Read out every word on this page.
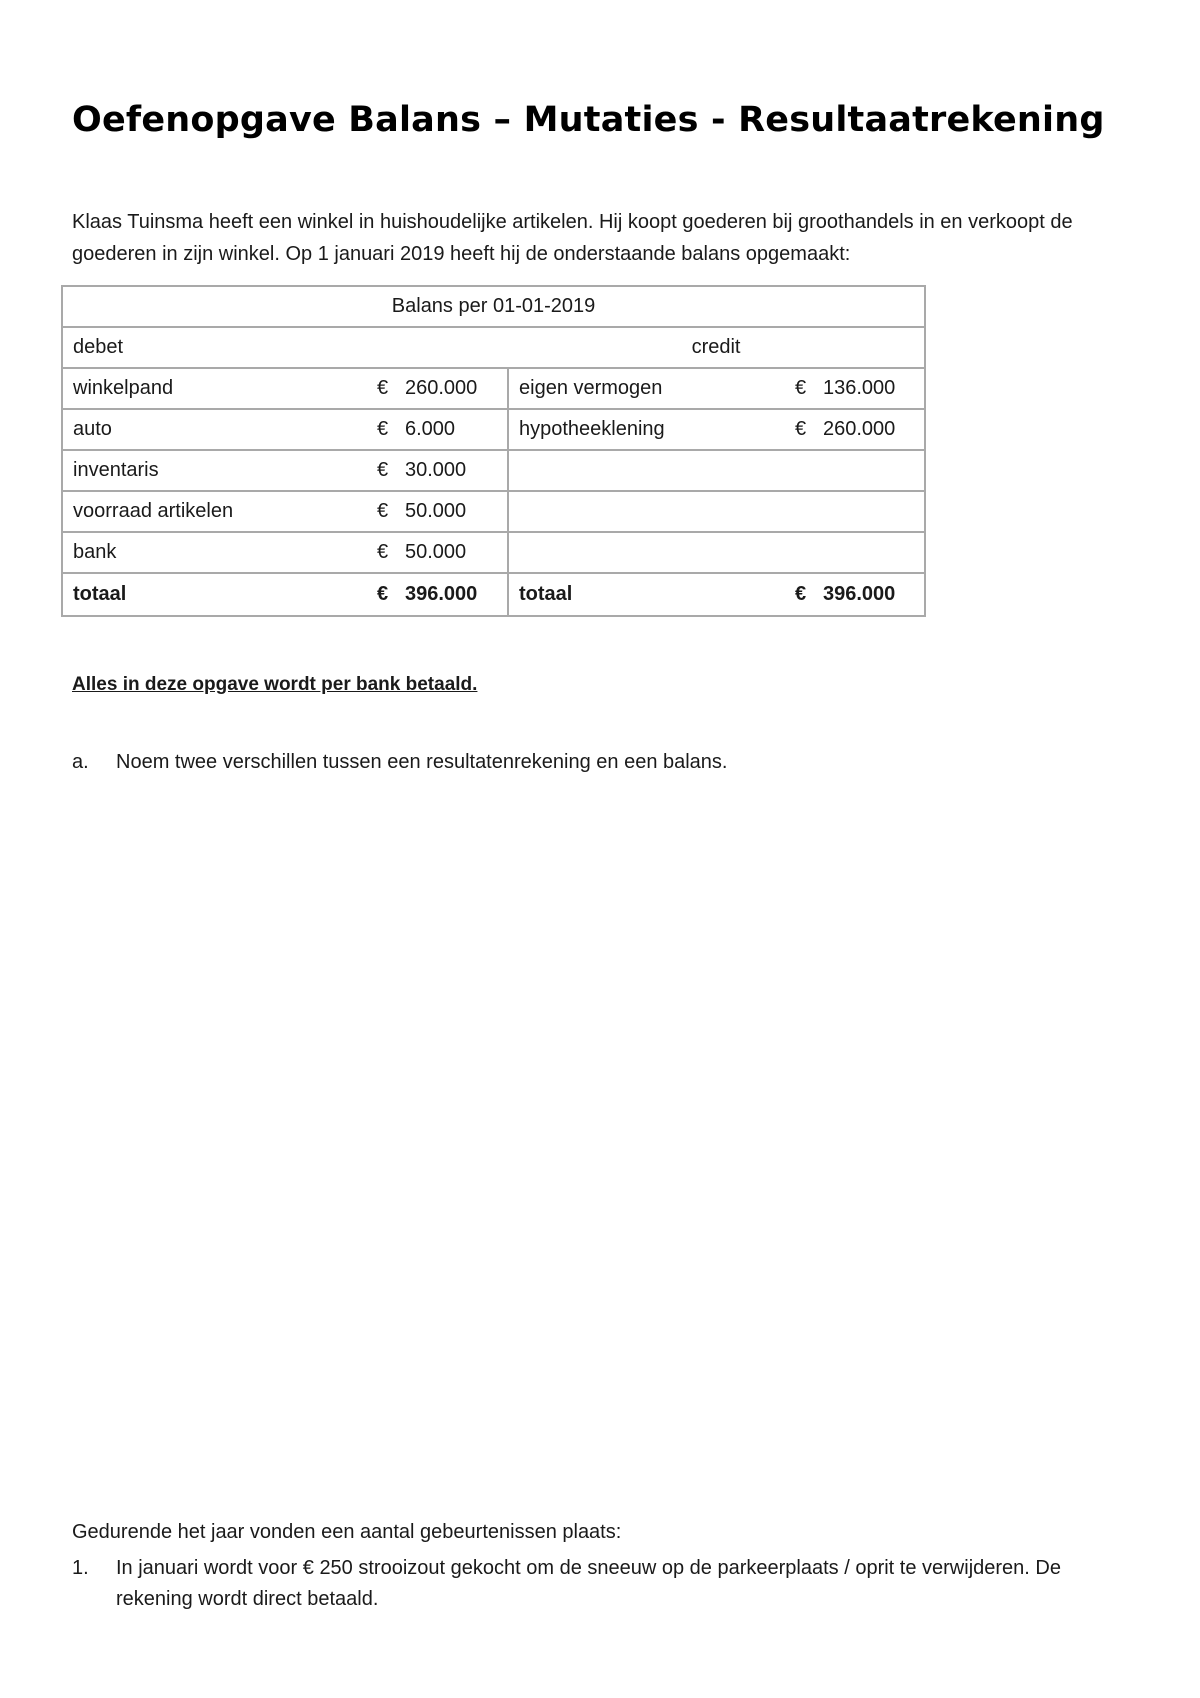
Oefenopgave Balans – Mutaties - Resultaatrekening

Klaas Tuinsma heeft een winkel in huishoudelijke artikelen. Hij koopt goederen bij groothandels in en verkoopt de goederen in zijn winkel. Op 1 januari 2019 heeft hij de onderstaande balans opgemaakt:

Balans per 01-01-2019			
debet		credit	
winkelpand	€ 260.000	eigen vermogen	€ 136.000
auto	€ 6.000	hypotheeklening	€ 260.000
inventaris	€ 30.000		
voorraad artikelen	€ 50.000		
bank	€ 50.000		
totaal	€ 396.000	totaal	€ 396.000
Alles in deze opgave wordt per bank betaald.
a. Noem twee verschillen tussen een resultatenrekening en een balans.
Gedurende het jaar vonden een aantal gebeurtenissen plaats:
1.	In januari wordt voor € 250 strooizout gekocht om de sneeuw op de parkeerplaats / oprit te verwijderen. De rekening wordt direct betaald.
